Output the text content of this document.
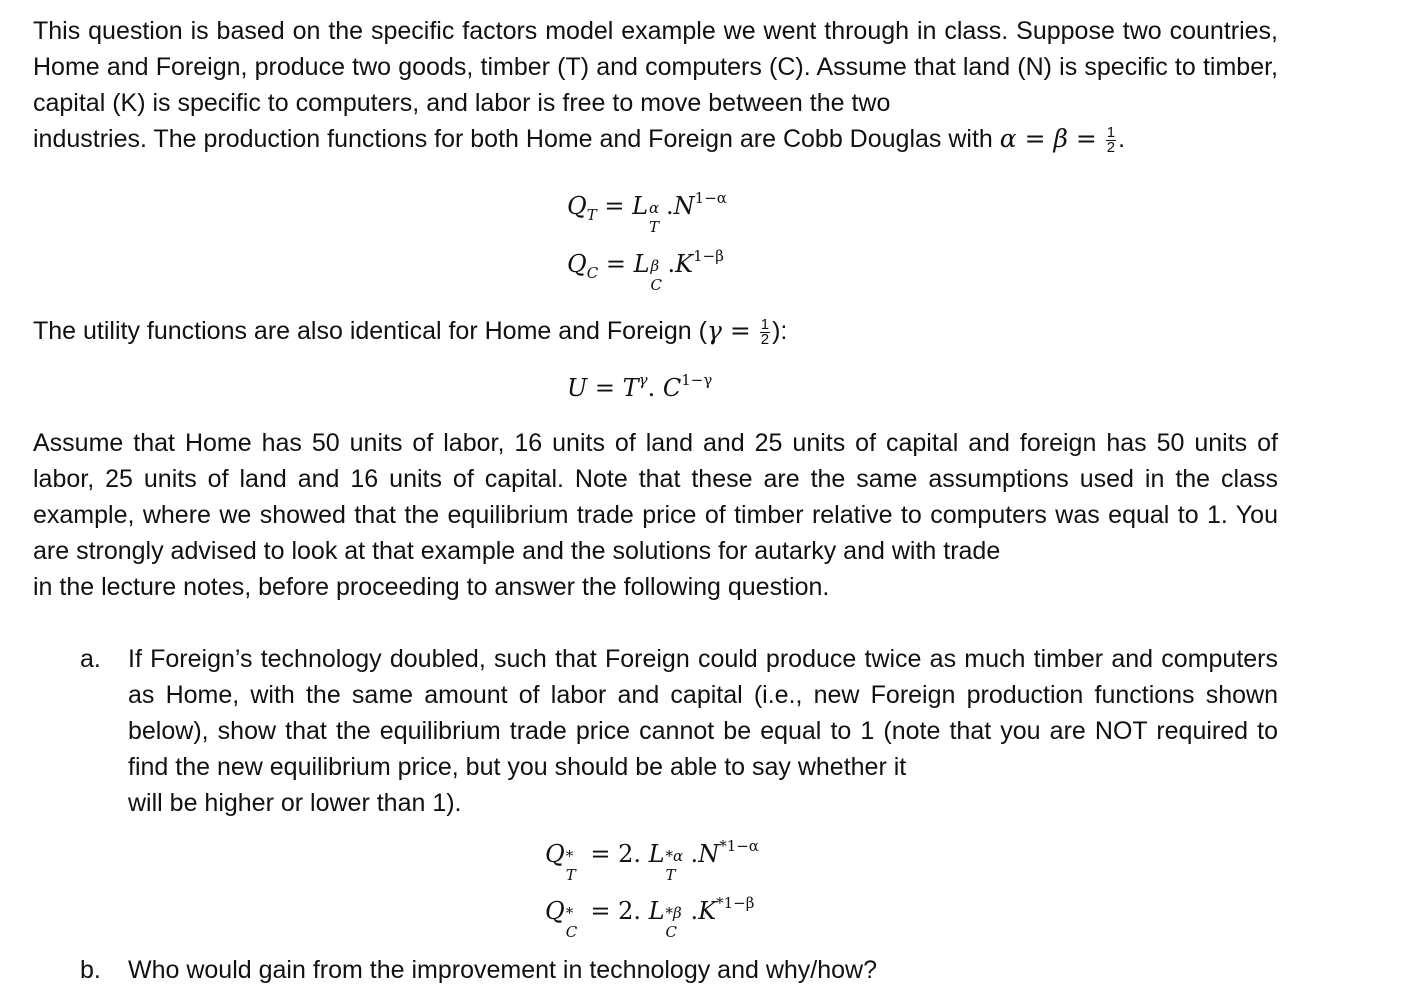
This question is based on the specific factors model example we went through in class. Suppose two countries, Home and Foreign, produce two goods, timber (T) and computers (C). Assume that land (N) is specific to timber, capital (K) is specific to computers, and labor is free to move between the two
industries. The production functions for both Home and Foreign are Cobb Douglas with $\alpha = \beta = \frac{1}{2}$ .
$Q_T = L$ α
T
$.N^{1-\alpha}$
$Q_C = L$ β
C
$.K^{1-\beta}$
The utility functions are also identical for Home and Foreign ($\gamma = \frac{1}{2}$ ):
$U = T^\gamma$. $C^{1-\gamma}$
Assume that Home has 50 units of labor, 16 units of land and 25 units of capital and foreign has 50 units of labor, 25 units of land and 16 units of capital. Note that these are the same assumptions used in the class example, where we showed that the equilibrium trade price of timber relative to computers was equal to 1. You are strongly advised to look at that example and the solutions for autarky and with trade
in the lecture notes, before proceeding to answer the following question.
a. If Foreign’s technology doubled, such that Foreign could produce twice as much timber and computers as Home, with the same amount of labor and capital (i.e., new Foreign production functions shown below), show that the equilibrium trade price cannot be equal to 1 (note that you are NOT required to find the new equilibrium price, but you should be able to say whether it
will be higher or lower than 1).
Q *
T
= 2. L *α
T
$.N^{*1-\alpha}$
Q *
C
= 2. L *β
C
$.K^{*1-\beta}$
b. Who would gain from the improvement in technology and why/how?
